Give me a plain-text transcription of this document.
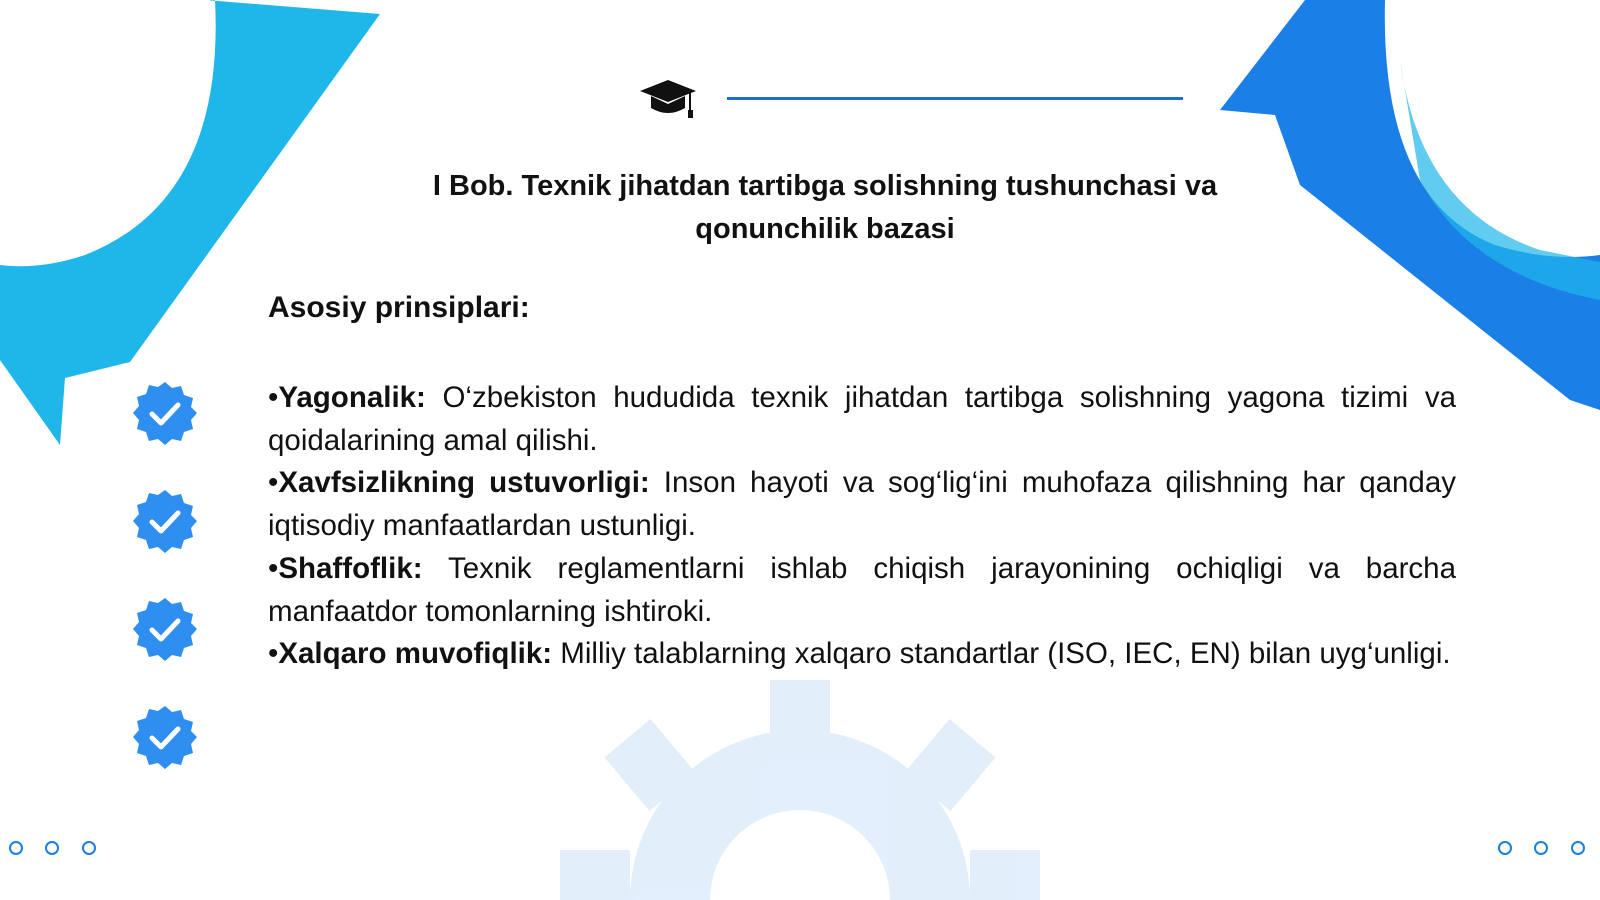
I Bob. Texnik jihatdan tartibga solishning tushunchasi va qonunchilik bazasi
Asosiy prinsiplari:

•Yagonalik: O‘zbekiston hududida texnik jihatdan tartibga solishning yagona tizimi va qoidalarining amal qilishi.

•Xavfsizlikning ustuvorligi: Inson hayoti va sog‘lig‘ini muhofaza qilishning har qanday iqtisodiy manfaatlardan ustunligi.

•Shaffoflik: Texnik reglamentlarni ishlab chiqish jarayonining ochiqligi va barcha manfaatdor tomonlarning ishtiroki.

•Xalqaro muvofiqlik: Milliy talablarning xalqaro standartlar (ISO, IEC, EN) bilan uyg‘unligi.
